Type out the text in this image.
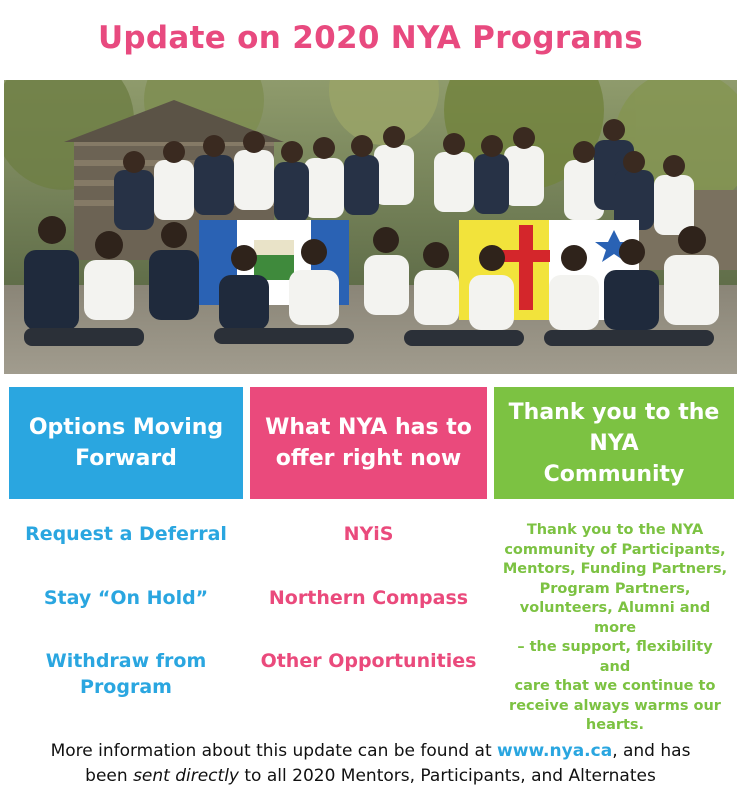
Update on 2020 NYA Programs
Options Moving
Forward
What NYA has to
offer right now
Thank you to the
NYA
Community
Request a Deferral
Stay “On Hold”
Withdraw from
Program
NYiS
Northern Compass
Other Opportunities
Thank you to the NYA
community of Participants,
Mentors, Funding Partners,
Program Partners,
volunteers, Alumni and more
– the support, flexibility and
care that we continue to
receive always warms our
hearts.
More information about this update can be found at www.nya.ca, and has
been sent directly to all 2020 Mentors, Participants, and Alternates
